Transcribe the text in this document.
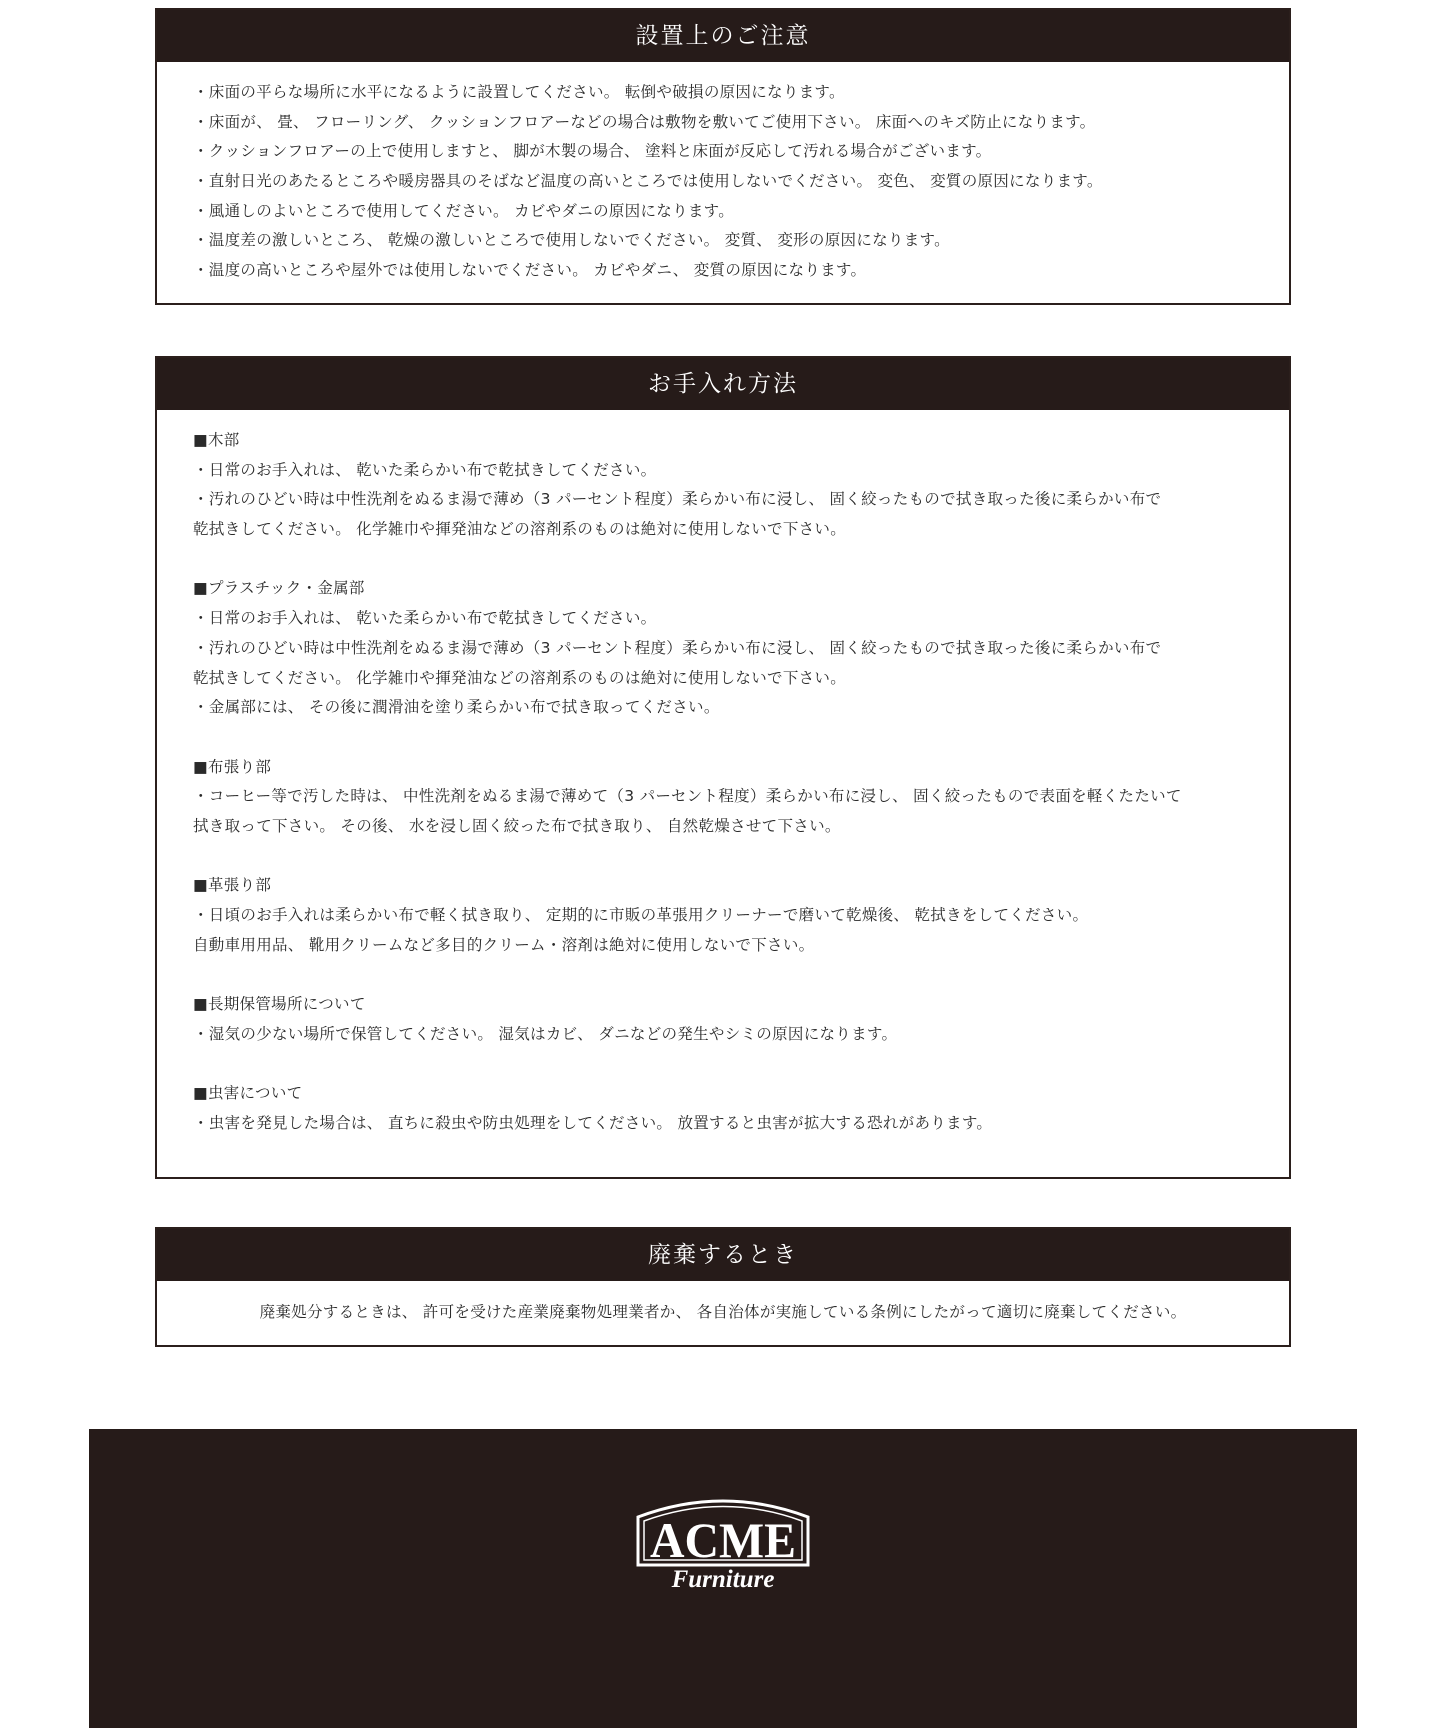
設置上のご注意
・床面の平らな場所に水平になるように設置してください。 転倒や破損の原因になります。
・床面が、 畳、 フローリング、 クッションフロアーなどの場合は敷物を敷いてご使用下さい。 床面へのキズ防止になります。
・クッションフロアーの上で使用しますと、 脚が木製の場合、 塗料と床面が反応して汚れる場合がございます。
・直射日光のあたるところや暖房器具のそばなど温度の高いところでは使用しないでください。 変色、 変質の原因になります。
・風通しのよいところで使用してください。 カビやダニの原因になります。
・温度差の激しいところ、 乾燥の激しいところで使用しないでください。 変質、 変形の原因になります。
・温度の高いところや屋外では使用しないでください。 カビやダニ、 変質の原因になります。
お手入れ方法
■木部
・日常のお手入れは、 乾いた柔らかい布で乾拭きしてください。
・汚れのひどい時は中性洗剤をぬるま湯で薄め（3 パーセント程度）柔らかい布に浸し、 固く絞ったもので拭き取った後に柔らかい布で
乾拭きしてください。 化学雑巾や揮発油などの溶剤系のものは絶対に使用しないで下さい。
■プラスチック・金属部
・日常のお手入れは、 乾いた柔らかい布で乾拭きしてください。
・汚れのひどい時は中性洗剤をぬるま湯で薄め（3 パーセント程度）柔らかい布に浸し、 固く絞ったもので拭き取った後に柔らかい布で
乾拭きしてください。 化学雑巾や揮発油などの溶剤系のものは絶対に使用しないで下さい。
・金属部には、 その後に潤滑油を塗り柔らかい布で拭き取ってください。
■布張り部
・コーヒー等で汚した時は、 中性洗剤をぬるま湯で薄めて（3 パーセント程度）柔らかい布に浸し、 固く絞ったもので表面を軽くたたいて
拭き取って下さい。 その後、 水を浸し固く絞った布で拭き取り、 自然乾燥させて下さい。
■革張り部
・日頃のお手入れは柔らかい布で軽く拭き取り、 定期的に市販の革張用クリーナーで磨いて乾燥後、 乾拭きをしてください。
自動車用用品、 靴用クリームなど多目的クリーム・溶剤は絶対に使用しないで下さい。
■長期保管場所について
・湿気の少ない場所で保管してください。 湿気はカビ、 ダニなどの発生やシミの原因になります。
■虫害について
・虫害を発見した場合は、 直ちに殺虫や防虫処理をしてください。 放置すると虫害が拡大する恐れがあります。
廃棄するとき
廃棄処分するときは、 許可を受けた産業廃棄物処理業者か、 各自治体が実施している条例にしたがって適切に廃棄してください。
ACME
Furniture
